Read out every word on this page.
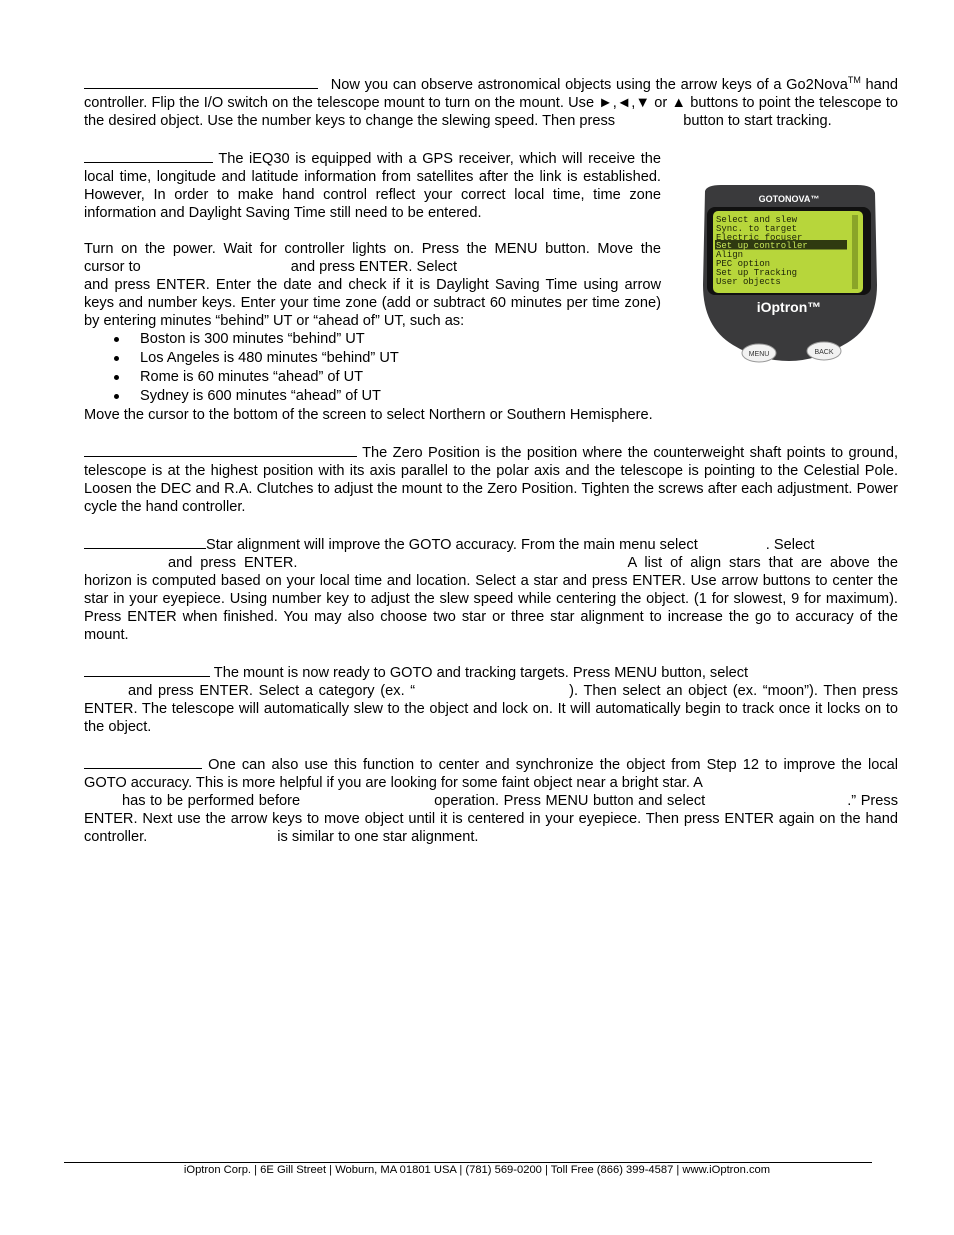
Now you can observe astronomical objects using the arrow keys of a Go2Nova™ hand controller. Flip the I/O switch on the telescope mount to turn on the mount. Use ►,◄,▼ or ▲ buttons to point the telescope to the desired object. Use the number keys to change the slewing speed. Then press	button to start tracking.

The iEQ30 is equipped with a GPS receiver, which will receive the local time, longitude and latitude information from satellites after the link is established. However, In order to make hand control reflect your correct local time, time zone information and Daylight Saving Time still need to be entered.

Turn on the power. Wait for controller lights on. Press the MENU button. Move the

cursor to	and press ENTER. Select

and press ENTER. Enter the date and check if it is Daylight Saving Time using arrow keys and number keys. Enter your time zone (add or subtract 60 minutes per time zone) by entering minutes “behind” UT or “ahead of” UT, such as:

Boston is 300 minutes “behind” UT
Los Angeles is 480 minutes “behind” UT
Rome is 60 minutes “ahead” of UT
Sydney is 600 minutes “ahead” of UT

Move the cursor to the bottom of the screen to select Northern or Southern Hemisphere.

The Zero Position is the position where the counterweight shaft points to ground, telescope is at the highest position with its axis parallel to the polar axis and the telescope is pointing to the Celestial Pole. Loosen the DEC and R.A. Clutches to adjust the mount to the Zero Position. Tighten the screws after each adjustment. Power cycle the hand controller.

Star alignment will improve the GOTO accuracy. From the main menu select	. Select
and press ENTER.	A list of align stars that are above the horizon is computed based on your local time and location. Select a star and press ENTER. Use arrow buttons to center the star in your eyepiece. Using number key to adjust the slew speed while centering the object. (1 for slowest, 9 for maximum). Press ENTER when finished. You may also choose two star or three star alignment to increase the go to accuracy of the mount.

The mount is now ready to GOTO and tracking targets. Press MENU button, select
and press ENTER. Select a category (ex. “	). Then select an object (ex. “moon”). Then press ENTER. The telescope will automatically slew to the object and lock on. It will automatically begin to track once it locks on to the object.

One can also use this function to center and synchronize the object from Step 12 to improve the local GOTO accuracy. This is more helpful if you are looking for some faint object near a bright star. A
has to be performed before	operation. Press MENU button and select	.” Press ENTER. Next use the arrow keys to move object until it is centered in your eyepiece. Then press ENTER again on the hand controller.	is similar to one star alignment.

GOTONOVA™
Select and slew
Sync. to target
Electric focuser
Set up controller
Align
PEC option
Set up Tracking
User objects
iOptron™
MENU	BACK
iOptron Corp. | 6E Gill Street | Woburn, MA 01801 USA | (781) 569-0200 | Toll Free (866) 399-4587 | www.iOptron.com
